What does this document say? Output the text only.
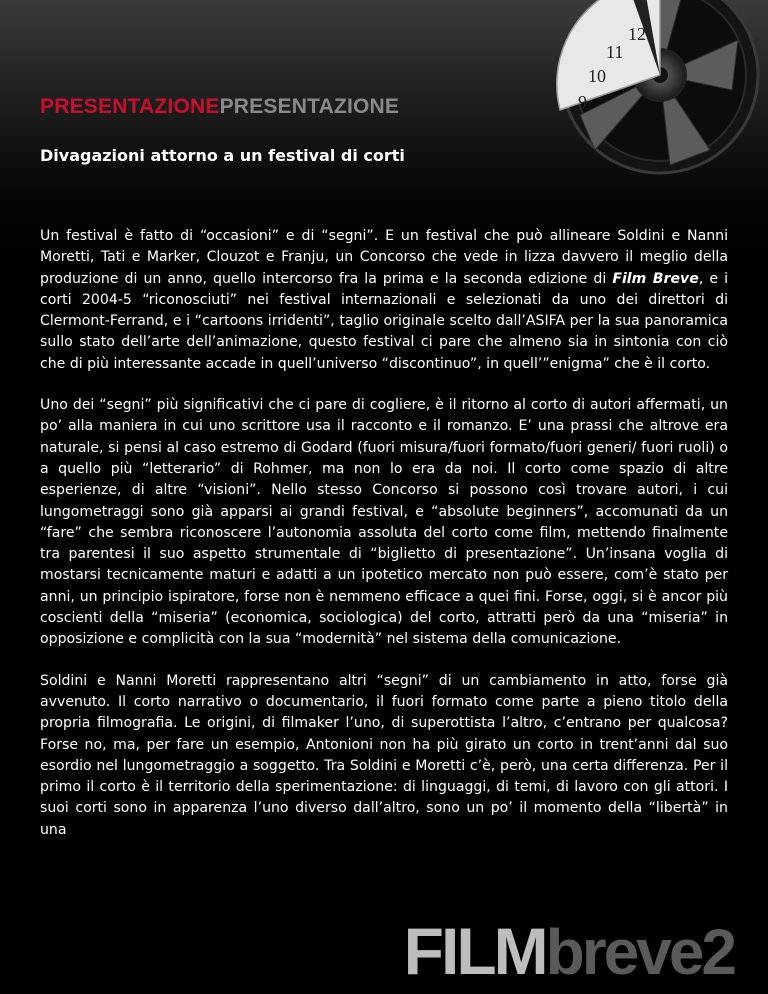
9
10
11
12
PRESENTAZIONEPRESENTAZIONE
Divagazioni attorno a un festival di corti

Un festival è fatto di “occasioni” e di “segni”. E un festival che può allineare Soldini e Nanni Moretti, Tati e Marker, Clouzot e Franju, un Concorso che vede in lizza davvero il meglio della produzione di un anno, quello intercorso fra la prima e la seconda edizione di Film Breve, e i corti 2004-5 “riconosciuti” nei festival internazionali e selezionati da uno dei direttori di Clermont-Ferrand, e i “cartoons irridenti”, taglio originale scelto dall’ASIFA per la sua panoramica sullo stato dell’arte dell’animazione, questo festival ci pare che almeno sia in sintonia con ciò che di più interessante accade in quell’universo “discontinuo”, in quell’”enigma” che è il corto.

Uno dei “segni” più significativi che ci pare di cogliere, è il ritorno al corto di autori affermati, un po’ alla maniera in cui uno scrittore usa il racconto e il romanzo. E’ una prassi che altrove era naturale, si pensi al caso estremo di Godard (fuori misura/fuori formato/fuori generi/ fuori ruoli) o a quello più “letterario” di Rohmer, ma non lo era da noi. Il corto come spazio di altre esperienze, di altre “visioni”. Nello stesso Concorso si possono così trovare autori, i cui lungometraggi sono già apparsi ai grandi festival, e “absolute beginners”, accomunati da un “fare” che sembra riconoscere l’autonomia assoluta del corto come film, mettendo finalmente tra parentesi il suo aspetto strumentale di “biglietto di presentazione”. Un’insana voglia di mostarsi tecnicamente maturi e adatti a un ipotetico mercato non può essere, com’è stato per anni, un principio ispiratore, forse non è nemmeno efficace a quei fini. Forse, oggi, si è ancor più coscienti della “miseria” (economica, sociologica) del corto, attratti però da una “miseria” in opposizione e complicità con la sua “modernità” nel sistema della comunicazione.

Soldini e Nanni Moretti rappresentano altri “segni” di un cambiamento in atto, forse già avvenuto. Il corto narrativo o documentario, il fuori formato come parte a pieno titolo della propria filmografia. Le origini, di filmaker l’uno, di superottista l’altro, c’entrano per qualcosa? Forse no, ma, per fare un esempio, Antonioni non ha più girato un corto in trent’anni dal suo esordio nel lungometraggio a soggetto. Tra Soldini e Moretti c’è, però, una certa differenza. Per il primo il corto è il territorio della sperimentazione: di linguaggi, di temi, di lavoro con gli attori. I suoi corti sono in apparenza l’uno diverso dall’altro, sono un po’ il momento della “libertà” in una

FILMbreve2
